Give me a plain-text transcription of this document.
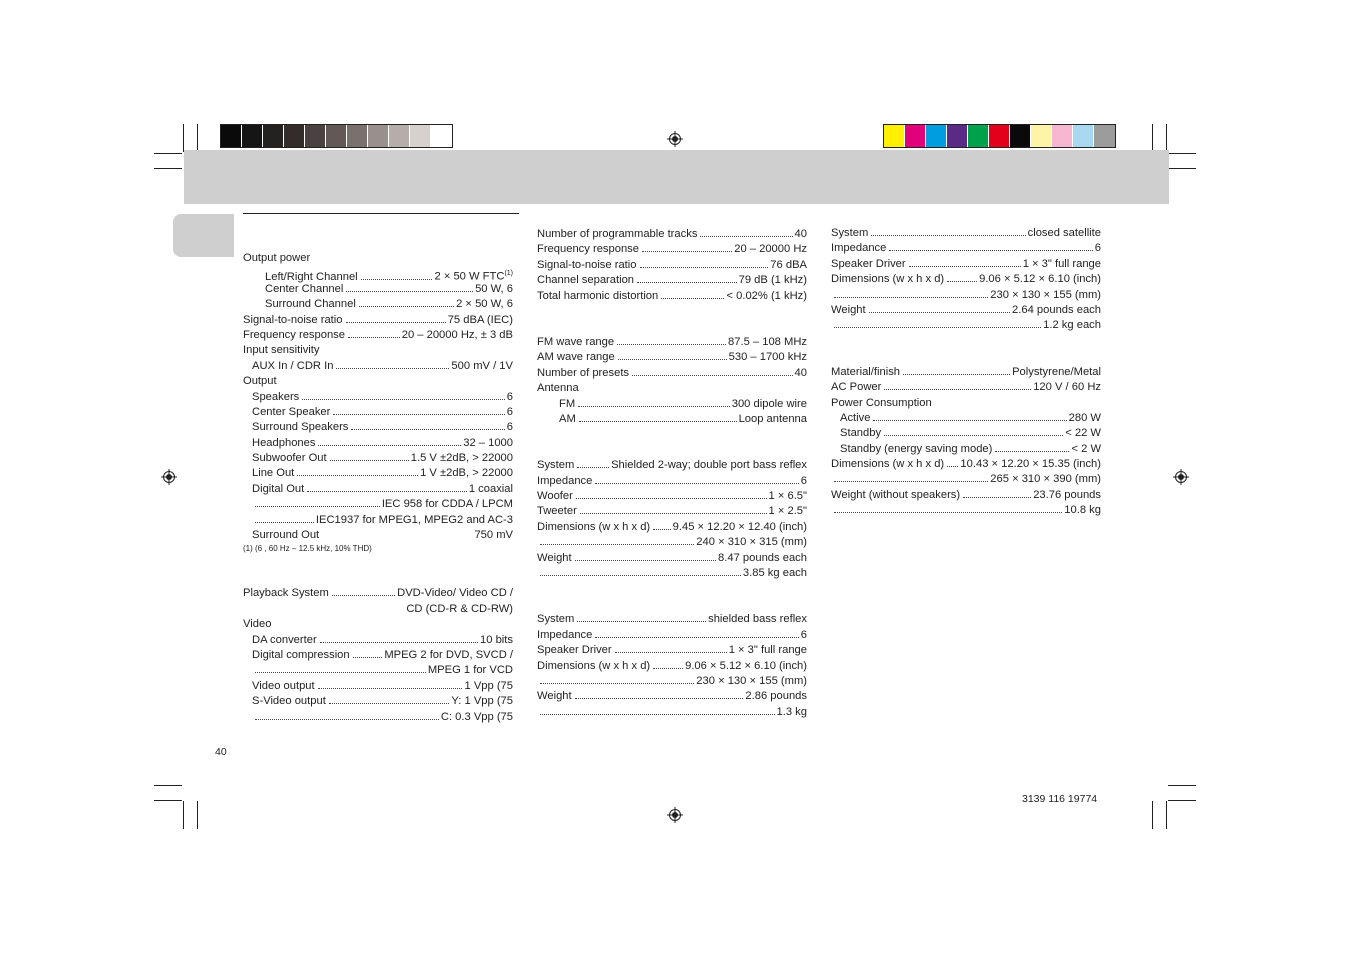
Output power
Left/Right Channel	2 × 50 W FTC$^{(1)}$
Center Channel	50 W, 6
Surround Channel	2 × 50 W, 6
Signal-to-noise ratio	75 dBA (IEC)
Frequency response	20 – 20000 Hz, ± 3 dB
Input sensitivity
AUX In / CDR In	500 mV / 1V
Output
Speakers	6
Center Speaker	6
Surround Speakers	6
Headphones	32 – 1000
Subwoofer Out	1.5 V ±2dB, > 22000
Line Out	1 V ±2dB, > 22000
Digital Out	1 coaxial
IEC 958 for CDDA / LPCM
IEC1937 for MPEG1, MPEG2 and AC-3
Surround Out	750 mV
(1) (6 , 60 Hz – 12.5 kHz, 10% THD)
Playback System	DVD-Video/ Video CD /
CD (CD-R & CD-RW)
Video
DA converter	10 bits
Digital compression	MPEG 2 for DVD, SVCD /
MPEG 1 for VCD
Video output	1 Vpp (75
S-Video output	Y: 1 Vpp (75
C: 0.3 Vpp (75
Number of programmable tracks	40
Frequency response	20 – 20000 Hz
Signal-to-noise ratio	76 dBA
Channel separation	79 dB (1 kHz)
Total harmonic distortion	< 0.02% (1 kHz)
FM wave range	87.5 – 108 MHz
AM wave range	530 – 1700 kHz
Number of presets	40
Antenna
FM	300 dipole wire
AM	Loop antenna
System	Shielded 2-way; double port bass reflex
Impedance	6
Woofer	1 × 6.5"
Tweeter	1 × 2.5"
Dimensions (w x h x d) 9.45 × 12.20 × 12.40 (inch)
240 × 310 × 315 (mm)
Weight	8.47 pounds each
3.85 kg each
System	shielded bass reflex
Impedance	6
Speaker Driver	1 × 3" full range
Dimensions (w x h x d)	9.06 × 5.12 × 6.10 (inch)
230 × 130 × 155 (mm)
Weight	2.86 pounds
1.3 kg
System	closed satellite
Impedance	6
Speaker Driver	1 × 3" full range
Dimensions (w x h x d)	9.06 × 5.12 × 6.10 (inch)
230 × 130 × 155 (mm)
Weight	2.64 pounds each
1.2 kg each
Material/finish	Polystyrene/Metal
AC Power	120 V / 60 Hz
Power Consumption
Active	280 W
Standby	< 22 W
Standby (energy saving mode)	< 2 W
Dimensions (w x h x d) 10.43 × 12.20 × 15.35 (inch)
265 × 310 × 390 (mm)
Weight (without speakers)	23.76 pounds
10.8 kg
40
3139 116 19774
